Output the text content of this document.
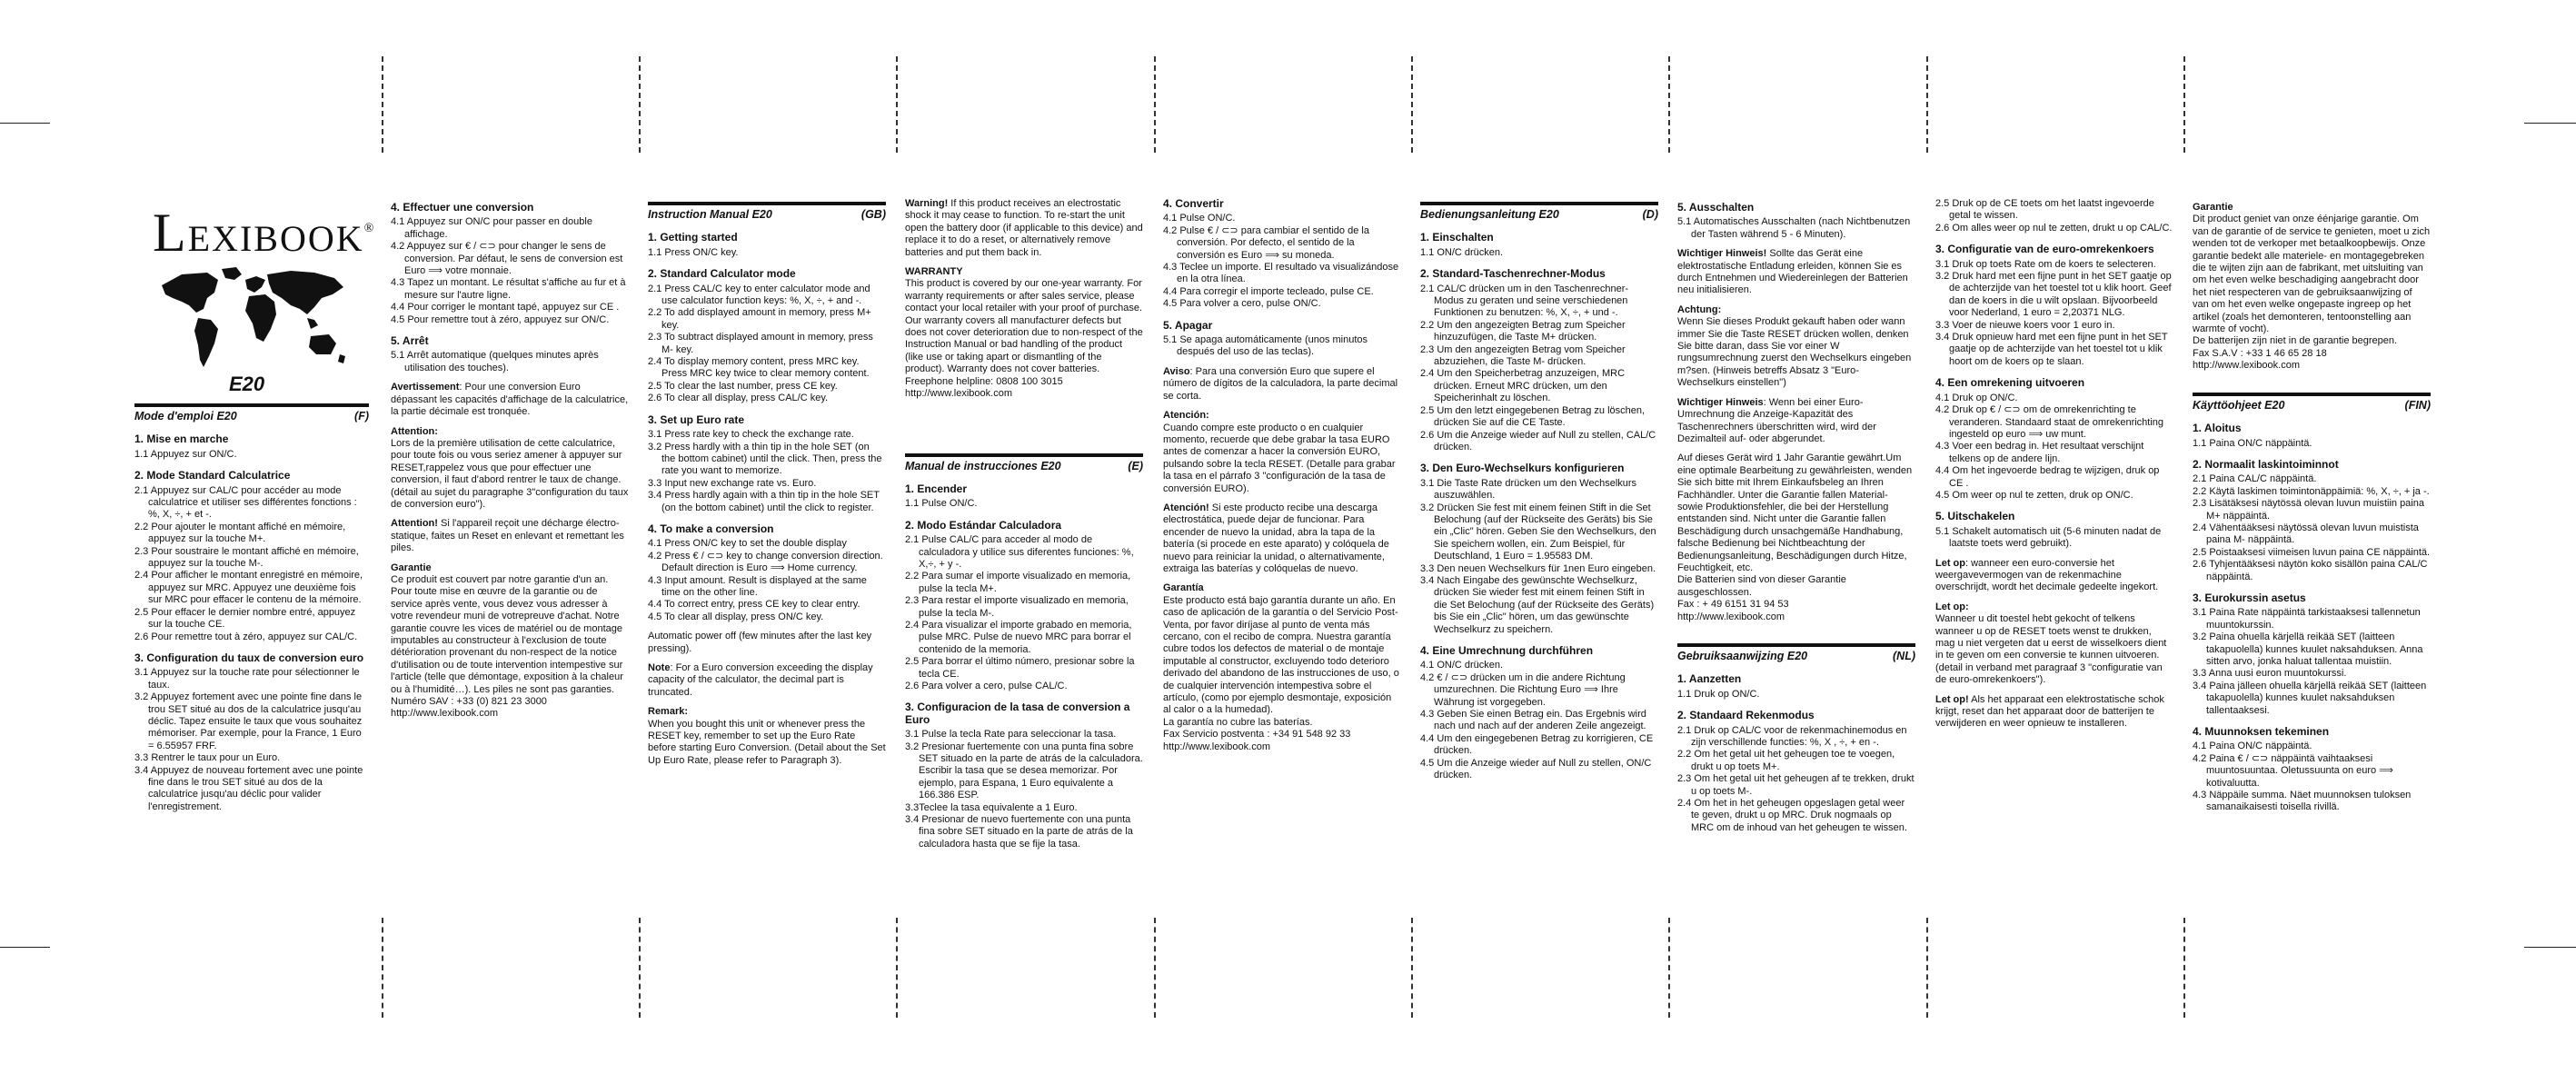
LEXIBOOK®
E20
Mode d'emploi E20	(F)

1. Mise en marche

1.1 Appuyez sur ON/C.

2. Mode Standard Calculatrice

2.1 Appuyez sur CAL/C pour accéder au mode calculatrice et utiliser ses différentes fonctions : %, X, ÷, + et -.

2.2 Pour ajouter le montant affiché en mémoire, appuyez sur la touche M+.

2.3 Pour soustraire le montant affiché en mémoire, appuyez sur la touche M-.

2.4 Pour afficher le montant enregistré en mémoire, appuyez sur MRC. Appuyez une deuxième fois sur MRC pour effacer le contenu de la mémoire.

2.5 Pour effacer le dernier nombre entré, appuyez sur la touche CE.

2.6 Pour remettre tout à zéro, appuyez sur CAL/C.

3. Configuration du taux de conversion euro

3.1 Appuyez sur la touche rate pour sélectionner le taux.

3.2 Appuyez fortement avec une pointe fine dans le trou SET situé au dos de la calculatrice jusqu'au déclic. Tapez ensuite le taux que vous souhaitez mémoriser. Par exemple, pour la France, 1 Euro = 6.55957 FRF.

3.3 Rentrer le taux pour un Euro.

3.4 Appuyez de nouveau fortement avec une pointe fine dans le trou SET situé au dos de la calculatrice jusqu'au déclic pour valider l'enregistrement.

4. Effectuer une conversion

4.1 Appuyez sur ON/C pour passer en double affichage.

4.2 Appuyez sur € / ⊂⊃ pour changer le sens de conversion. Par défaut, le sens de conversion est Euro ⟹ votre monnaie.

4.3 Tapez un montant. Le résultat s'affiche au fur et à mesure sur l'autre ligne.

4.4 Pour corriger le montant tapé, appuyez sur CE .

4.5 Pour remettre tout à zéro, appuyez sur ON/C.

5. Arrêt

5.1 Arrêt automatique (quelques minutes après utilisation des touches).

Avertissement: Pour une conversion Euro dépassant les capacités d'affichage de la calculatrice, la partie décimale est tronquée.

Attention:

Lors de la première utilisation de cette calculatrice, pour toute fois ou vous seriez amener à appuyer sur RESET,rappelez vous que pour effectuer une conversion, il faut d'abord rentrer le taux de change. (détail au sujet du paragraphe 3"configuration du taux de conversion euro").

Attention! Si l'appareil reçoit une décharge électro-statique, faites un Reset en enlevant et remettant les piles.

Garantie

Ce produit est couvert par notre garantie d'un an. Pour toute mise en œuvre de la garantie ou de service après vente, vous devez vous adresser à votre revendeur muni de votrepreuve d'achat. Notre garantie couvre les vices de matériel ou de montage imputables au constructeur à l'exclusion de toute détérioration provenant du non-respect de la notice d'utilisation ou de toute intervention intempestive sur l'article (telle que démontage, exposition à la chaleur ou à l'humidité…). Les piles ne sont pas garanties.

Numéro SAV : +33 (0) 821 23 3000

http://www.lexibook.com

Instruction Manual E20	(GB)

1. Getting started

1.1 Press ON/C key.

2. Standard Calculator mode

2.1 Press CAL/C key to enter calculator mode and use calculator function keys: %, X, ÷, + and -.

2.2 To add displayed amount in memory, press M+ key.

2.3 To subtract displayed amount in memory, press M- key.

2.4 To display memory content, press MRC key. Press MRC key twice to clear memory content.

2.5 To clear the last number, press CE key.

2.6 To clear all display, press CAL/C key.

3. Set up Euro rate

3.1 Press rate key to check the exchange rate.

3.2 Press hardly with a thin tip in the hole SET (on the bottom cabinet) until the click. Then, press the rate you want to memorize.

3.3 Input new exchange rate vs. Euro.

3.4 Press hardly again with a thin tip in the hole SET (on the bottom cabinet) until the click to register.

4. To make a conversion

4.1 Press ON/C key to set the double display

4.2 Press € / ⊂⊃ key to change conversion direction. Default direction is Euro ⟹ Home currency.

4.3 Input amount. Result is displayed at the same time on the other line.

4.4 To correct entry, press CE key to clear entry.

4.5 To clear all display, press ON/C key.

Automatic power off (few minutes after the last key pressing).

Note: For a Euro conversion exceeding the display capacity of the calculator, the decimal part is truncated.

Remark:

When you bought this unit or whenever press the RESET key, remember to set up the Euro Rate before starting Euro Conversion. (Detail about the Set Up Euro Rate, please refer to Paragraph 3).

Warning! If this product receives an electrostatic shock it may cease to function. To re-start the unit open the battery door (if applicable to this device) and replace it to do a reset, or alternatively remove batteries and put them back in.

WARRANTY

This product is covered by our one-year warranty. For warranty requirements or after sales service, please contact your local retailer with your proof of purchase. Our warranty covers all manufacturer defects but does not cover deterioration due to non-respect of the Instruction Manual or bad handling of the product (like use or taking apart or dismantling of the product). Warranty does not cover batteries.

Freephone helpline: 0808 100 3015

http://www.lexibook.com

Manual de instrucciones E20	(E)

1. Encender

1.1 Pulse ON/C.

2. Modo Estándar Calculadora

2.1 Pulse CAL/C para acceder al modo de calculadora y utilice sus diferentes funciones: %, X,÷, + y -.

2.2 Para sumar el importe visualizado en memoria, pulse la tecla M+.

2.3 Para restar el importe visualizado en memoria, pulse la tecla M-.

2.4 Para visualizar el importe grabado en memoria, pulse MRC. Pulse de nuevo MRC para borrar el contenido de la memoria.

2.5 Para borrar el último número, presionar sobre la tecla CE.

2.6 Para volver a cero, pulse CAL/C.

3. Configuracion de la tasa de conversion a Euro

3.1 Pulse la tecla Rate para seleccionar la tasa.

3.2 Presionar fuertemente con una punta fina sobre SET situado en la parte de atrás de la calculadora. Escribir la tasa que se desea memorizar. Por ejemplo, para Espana, 1 Euro equivalente a 166.386 ESP.

3.3Teclee la tasa equivalente a 1 Euro.

3.4 Presionar de nuevo fuertemente con una punta fina sobre SET situado en la parte de atrás de la calculadora hasta que se fije la tasa.

4. Convertir

4.1 Pulse ON/C.

4.2 Pulse € / ⊂⊃ para cambiar el sentido de la conversión. Por defecto, el sentido de la conversión es Euro ⟹ su moneda.

4.3 Teclee un importe. El resultado va visualizándose en la otra línea.

4.4 Para corregir el importe tecleado, pulse CE.

4.5 Para volver a cero, pulse ON/C.

5. Apagar

5.1 Se apaga automáticamente (unos minutos después del uso de las teclas).

Aviso: Para una conversión Euro que supere el número de dígitos de la calculadora, la parte decimal se corta.

Atención:

Cuando compre este producto o en cualquier momento, recuerde que debe grabar la tasa EURO antes de comenzar a hacer la conversión EURO, pulsando sobre la tecla RESET. (Detalle para grabar la tasa en el párrafo 3 "configuración de la tasa de conversión EURO).

Atención! Si este producto recibe una descarga electrostática, puede dejar de funcionar. Para encender de nuevo la unidad, abra la tapa de la batería (si procede en este aparato) y colóquela de nuevo para reiniciar la unidad, o alternativamente, extraiga las baterías y colóquelas de nuevo.

Garantía

Este producto está bajo garantía durante un año. En caso de aplicación de la garantía o del Servicio Post-Venta, por favor diríjase al punto de venta más cercano, con el recibo de compra. Nuestra garantía cubre todos los defectos de material o de montaje imputable al constructor, excluyendo todo deterioro derivado del abandono de las instrucciones de uso, o de cualquier intervención intempestiva sobre el artículo, (como por ejemplo desmontaje, exposición al calor o a la humedad).

La garantía no cubre las baterías.

Fax Servicio postventa : +34 91 548 92 33

http://www.lexibook.com

Bedienungsanleitung E20	(D)

1. Einschalten

1.1 ON/C drücken.

2. Standard-Taschenrechner-Modus

2.1 CAL/C drücken um in den Taschenrechner-Modus zu geraten und seine verschiedenen Funktionen zu benutzen: %, X, ÷, + und -.

2.2 Um den angezeigten Betrag zum Speicher hinzuzufügen, die Taste M+ drücken.

2.3 Um den angezeigten Betrag vom Speicher abzuziehen, die Taste M- drücken.

2.4 Um den Speicherbetrag anzuzeigen, MRC drücken. Erneut MRC drücken, um den Speicherinhalt zu löschen.

2.5 Um den letzt eingegebenen Betrag zu löschen, drücken Sie auf die CE Taste.

2.6 Um die Anzeige wieder auf Null zu stellen, CAL/C drücken.

3. Den Euro-Wechselkurs konfigurieren

3.1 Die Taste Rate drücken um den Wechselkurs auszuwählen.

3.2 Drücken Sie fest mit einem feinen Stift in die Set Belochung (auf der Rückseite des Geräts) bis Sie ein „Clic" hören. Geben Sie den Wechselkurs, den Sie speichern wollen, ein. Zum Beispiel, für Deutschland, 1 Euro = 1.95583 DM.

3.3 Den neuen Wechselkurs für 1nen Euro eingeben.

3.4 Nach Eingabe des gewünschte Wechselkurz, drücken Sie wieder fest mit einem feinen Stift in die Set Belochung (auf der Rückseite des Geräts) bis Sie ein „Clic" hören, um das gewünschte Wechselkurz zu speichern.

4. Eine Umrechnung durchführen

4.1 ON/C drücken.

4.2 € / ⊂⊃ drücken um in die andere Richtung umzurechnen. Die Richtung Euro ⟹ Ihre Währung ist vorgegeben.

4.3 Geben Sie einen Betrag ein. Das Ergebnis wird nach und nach auf der anderen Zeile angezeigt.

4.4 Um den eingegebenen Betrag zu korrigieren, CE drücken.

4.5 Um die Anzeige wieder auf Null zu stellen, ON/C drücken.

5. Ausschalten

5.1 Automatisches Ausschalten (nach Nichtbenutzen der Tasten während 5 - 6 Minuten).

Wichtiger Hinweis! Sollte das Gerät eine elektrostatische Entladung erleiden, können Sie es durch Entnehmen und Wiedereinlegen der Batterien neu initialisieren.

Achtung:

Wenn Sie dieses Produkt gekauft haben oder wann immer Sie die Taste RESET drücken wollen, denken Sie bitte daran, dass Sie vor einer W rungsumrechnung zuerst den Wechselkurs eingeben m?sen. (Hinweis betreffs Absatz 3 "Euro-Wechselkurs einstellen")

Wichtiger Hinweis: Wenn bei einer Euro-Umrechnung die Anzeige-Kapazität des Taschenrechners überschritten wird, wird der Dezimalteil auf- oder abgerundet.

Auf dieses Gerät wird 1 Jahr Garantie gewährt.Um eine optimale Bearbeitung zu gewährleisten, wenden Sie sich bitte mit Ihrem Einkaufsbeleg an Ihren Fachhändler. Unter die Garantie fallen Material- sowie Produktionsfehler, die bei der Herstellung entstanden sind. Nicht unter die Garantie fallen Beschädigung durch unsachgemäße Handhabung, falsche Bedienung bei Nichtbeachtung der Bedienungsanleitung, Beschädigungen durch Hitze, Feuchtigkeit, etc.

Die Batterien sind von dieser Garantie ausgeschlossen.

Fax : + 49 6151 31 94 53

http://www.lexibook.com

Gebruiksaanwijzing E20	(NL)

1. Aanzetten

1.1 Druk op ON/C.

2. Standaard Rekenmodus

2.1 Druk op CAL/C voor de rekenmachinemodus en zijn verschillende functies: %, X , ÷, + en -.

2.2 Om het getal uit het geheugen toe te voegen, drukt u op toets M+.

2.3 Om het getal uit het geheugen af te trekken, drukt u op toets M-.

2.4 Om het in het geheugen opgeslagen getal weer te geven, drukt u op MRC. Druk nogmaals op MRC om de inhoud van het geheugen te wissen.

2.5 Druk op de CE toets om het laatst ingevoerde getal te wissen.

2.6 Om alles weer op nul te zetten, drukt u op CAL/C.

3. Configuratie van de euro-omrekenkoers

3.1 Druk op toets Rate om de koers te selecteren.

3.2 Druk hard met een fijne punt in het SET gaatje op de achterzijde van het toestel tot u klik hoort. Geef dan de koers in die u wilt opslaan. Bijvoorbeeld voor Nederland, 1 euro = 2,20371 NLG.

3.3 Voer de nieuwe koers voor 1 euro in.

3.4 Druk opnieuw hard met een fijne punt in het SET gaatje op de achterzijde van het toestel tot u klik hoort om de koers op te slaan.

4. Een omrekening uitvoeren

4.1 Druk op ON/C.

4.2 Druk op € / ⊂⊃ om de omrekenrichting te veranderen. Standaard staat de omrekenrichting ingesteld op euro ⟹ uw munt.

4.3 Voer een bedrag in. Het resultaat verschijnt telkens op de andere lijn.

4.4 Om het ingevoerde bedrag te wijzigen, druk op CE .

4.5 Om weer op nul te zetten, druk op ON/C.

5. Uitschakelen

5.1 Schakelt automatisch uit (5-6 minuten nadat de laatste toets werd gebruikt).

Let op: wanneer een euro-conversie het weergavevermogen van de rekenmachine overschrijdt, wordt het decimale gedeelte ingekort.

Let op:

Wanneer u dit toestel hebt gekocht of telkens wanneer u op de RESET toets wenst te drukken, mag u niet vergeten dat u eerst de wisselkoers dient in te geven om een conversie te kunnen uitvoeren. (detail in verband met paragraaf 3 "configuratie van de euro-omrekenkoers").

Let op! Als het apparaat een elektrostatische schok krijgt, reset dan het apparaat door de batterijen te verwijderen en weer opnieuw te installeren.

Garantie

Dit product geniet van onze éénjarige garantie. Om van de garantie of de service te genieten, moet u zich wenden tot de verkoper met betaalkoopbewijs. Onze garantie bedekt alle materiele- en montagegebreken die te wijten zijn aan de fabrikant, met uitsluiting van om het even welke beschadiging aangebracht door het niet respecteren van de gebruiksaanwijzing of van om het even welke ongepaste ingreep op het artikel (zoals het demonteren, tentoonstelling aan warmte of vocht).

De batterijen zijn niet in de garantie begrepen.

Fax S.A.V : +33 1 46 65 28 18

http://www.lexibook.com

Käyttöohjeet E20	(FIN)

1. Aloitus

1.1 Paina ON/C näppäintä.

2. Normaalit laskintoiminnot

2.1 Paina CAL/C näppäintä.

2.2 Käytä laskimen toimintonäppäimiä: %, X, ÷, + ja -.

2.3 Lisätäksesi näytössä olevan luvun muistiin paina M+ näppäintä.

2.4 Vähentääksesi näytössä olevan luvun muistista paina M- näppäintä.

2.5 Poistaaksesi viimeisen luvun paina CE näppäintä.

2.6 Tyhjentääksesi näytön koko sisällön paina CAL/C näppäintä.

3. Eurokurssin asetus

3.1 Paina Rate näppäintä tarkistaaksesi tallennetun muuntokurssin.

3.2 Paina ohuella kärjellä reikää SET (laitteen takapuolella) kunnes kuulet naksahduksen. Anna sitten arvo, jonka haluat tallentaa muistiin.

3.3 Anna uusi euron muuntokurssi.

3.4 Paina jälleen ohuella kärjellä reikää SET (laitteen takapuolella) kunnes kuulet naksahduksen tallentaaksesi.

4. Muunnoksen tekeminen

4.1 Paina ON/C näppäintä.

4.2 Paina € / ⊂⊃ näppäintä vaihtaaksesi muuntosuuntaa. Oletussuunta on euro ⟹ kotivaluutta.

4.3 Näppäile summa. Näet muunnoksen tuloksen samanaikaisesti toisella rivillä.
